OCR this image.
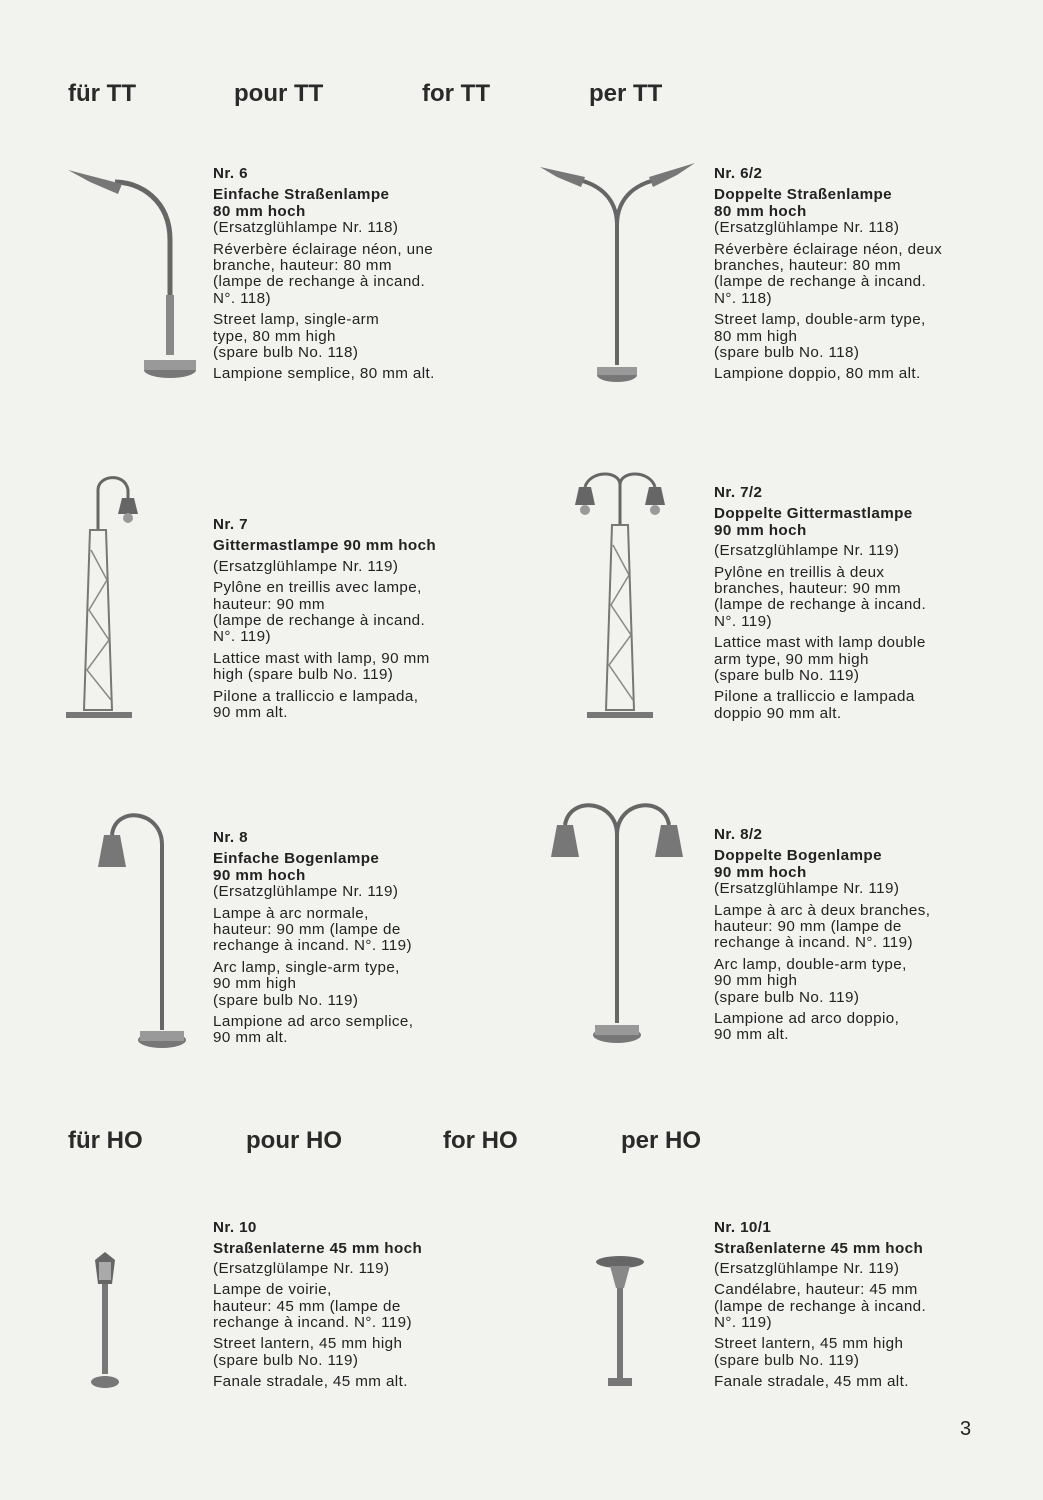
für TT	pour TT	for TT	per TT
für HO	pour HO	for HO	per HO
Nr. 6
Einfache Straßenlampe
80 mm hoch
(Ersatzglühlampe Nr. 118)
Réverbère éclairage néon, une
branche, hauteur: 80 mm
(lampe de rechange à incand.
N°. 118)
Street lamp, single-arm
type, 80 mm high
(spare bulb No. 118)
Lampione semplice, 80 mm alt.
Nr. 6/2
Doppelte Straßenlampe
80 mm hoch
(Ersatzglühlampe Nr. 118)
Réverbère éclairage néon, deux
branches, hauteur: 80 mm
(lampe de rechange à incand.
N°. 118)
Street lamp, double-arm type,
80 mm high
(spare bulb No. 118)
Lampione doppio, 80 mm alt.
Nr. 7
Gittermastlampe 90 mm hoch
(Ersatzglühlampe Nr. 119)
Pylône en treillis avec lampe,
hauteur: 90 mm
(lampe de rechange à incand.
N°. 119)
Lattice mast with lamp, 90 mm
high (spare bulb No. 119)
Pilone a tralliccio e lampada,
90 mm alt.
Nr. 7/2
Doppelte Gittermastlampe
90 mm hoch
(Ersatzglühlampe Nr. 119)
Pylône en treillis à deux
branches, hauteur: 90 mm
(lampe de rechange à incand.
N°. 119)
Lattice mast with lamp double
arm type, 90 mm high
(spare bulb No. 119)
Pilone a tralliccio e lampada
doppio 90 mm alt.
Nr. 8
Einfache Bogenlampe
90 mm hoch
(Ersatzglühlampe Nr. 119)
Lampe à arc normale,
hauteur: 90 mm (lampe de
rechange à incand. N°. 119)
Arc lamp, single-arm type,
90 mm high
(spare bulb No. 119)
Lampione ad arco semplice,
90 mm alt.
Nr. 8/2
Doppelte Bogenlampe
90 mm hoch
(Ersatzglühlampe Nr. 119)
Lampe à arc à deux branches,
hauteur: 90 mm (lampe de
rechange à incand. N°. 119)
Arc lamp, double-arm type,
90 mm high
(spare bulb No. 119)
Lampione ad arco doppio,
90 mm alt.
Nr. 10
Straßenlaterne 45 mm hoch
(Ersatzglülampe Nr. 119)
Lampe de voirie,
hauteur: 45 mm (lampe de
rechange à incand. N°. 119)
Street lantern, 45 mm high
(spare bulb No. 119)
Fanale stradale, 45 mm alt.
Nr. 10/1
Straßenlaterne 45 mm hoch
(Ersatzglühlampe Nr. 119)
Candélabre, hauteur: 45 mm
(lampe de rechange à incand.
N°. 119)
Street lantern, 45 mm high
(spare bulb No. 119)
Fanale stradale, 45 mm alt.
3
